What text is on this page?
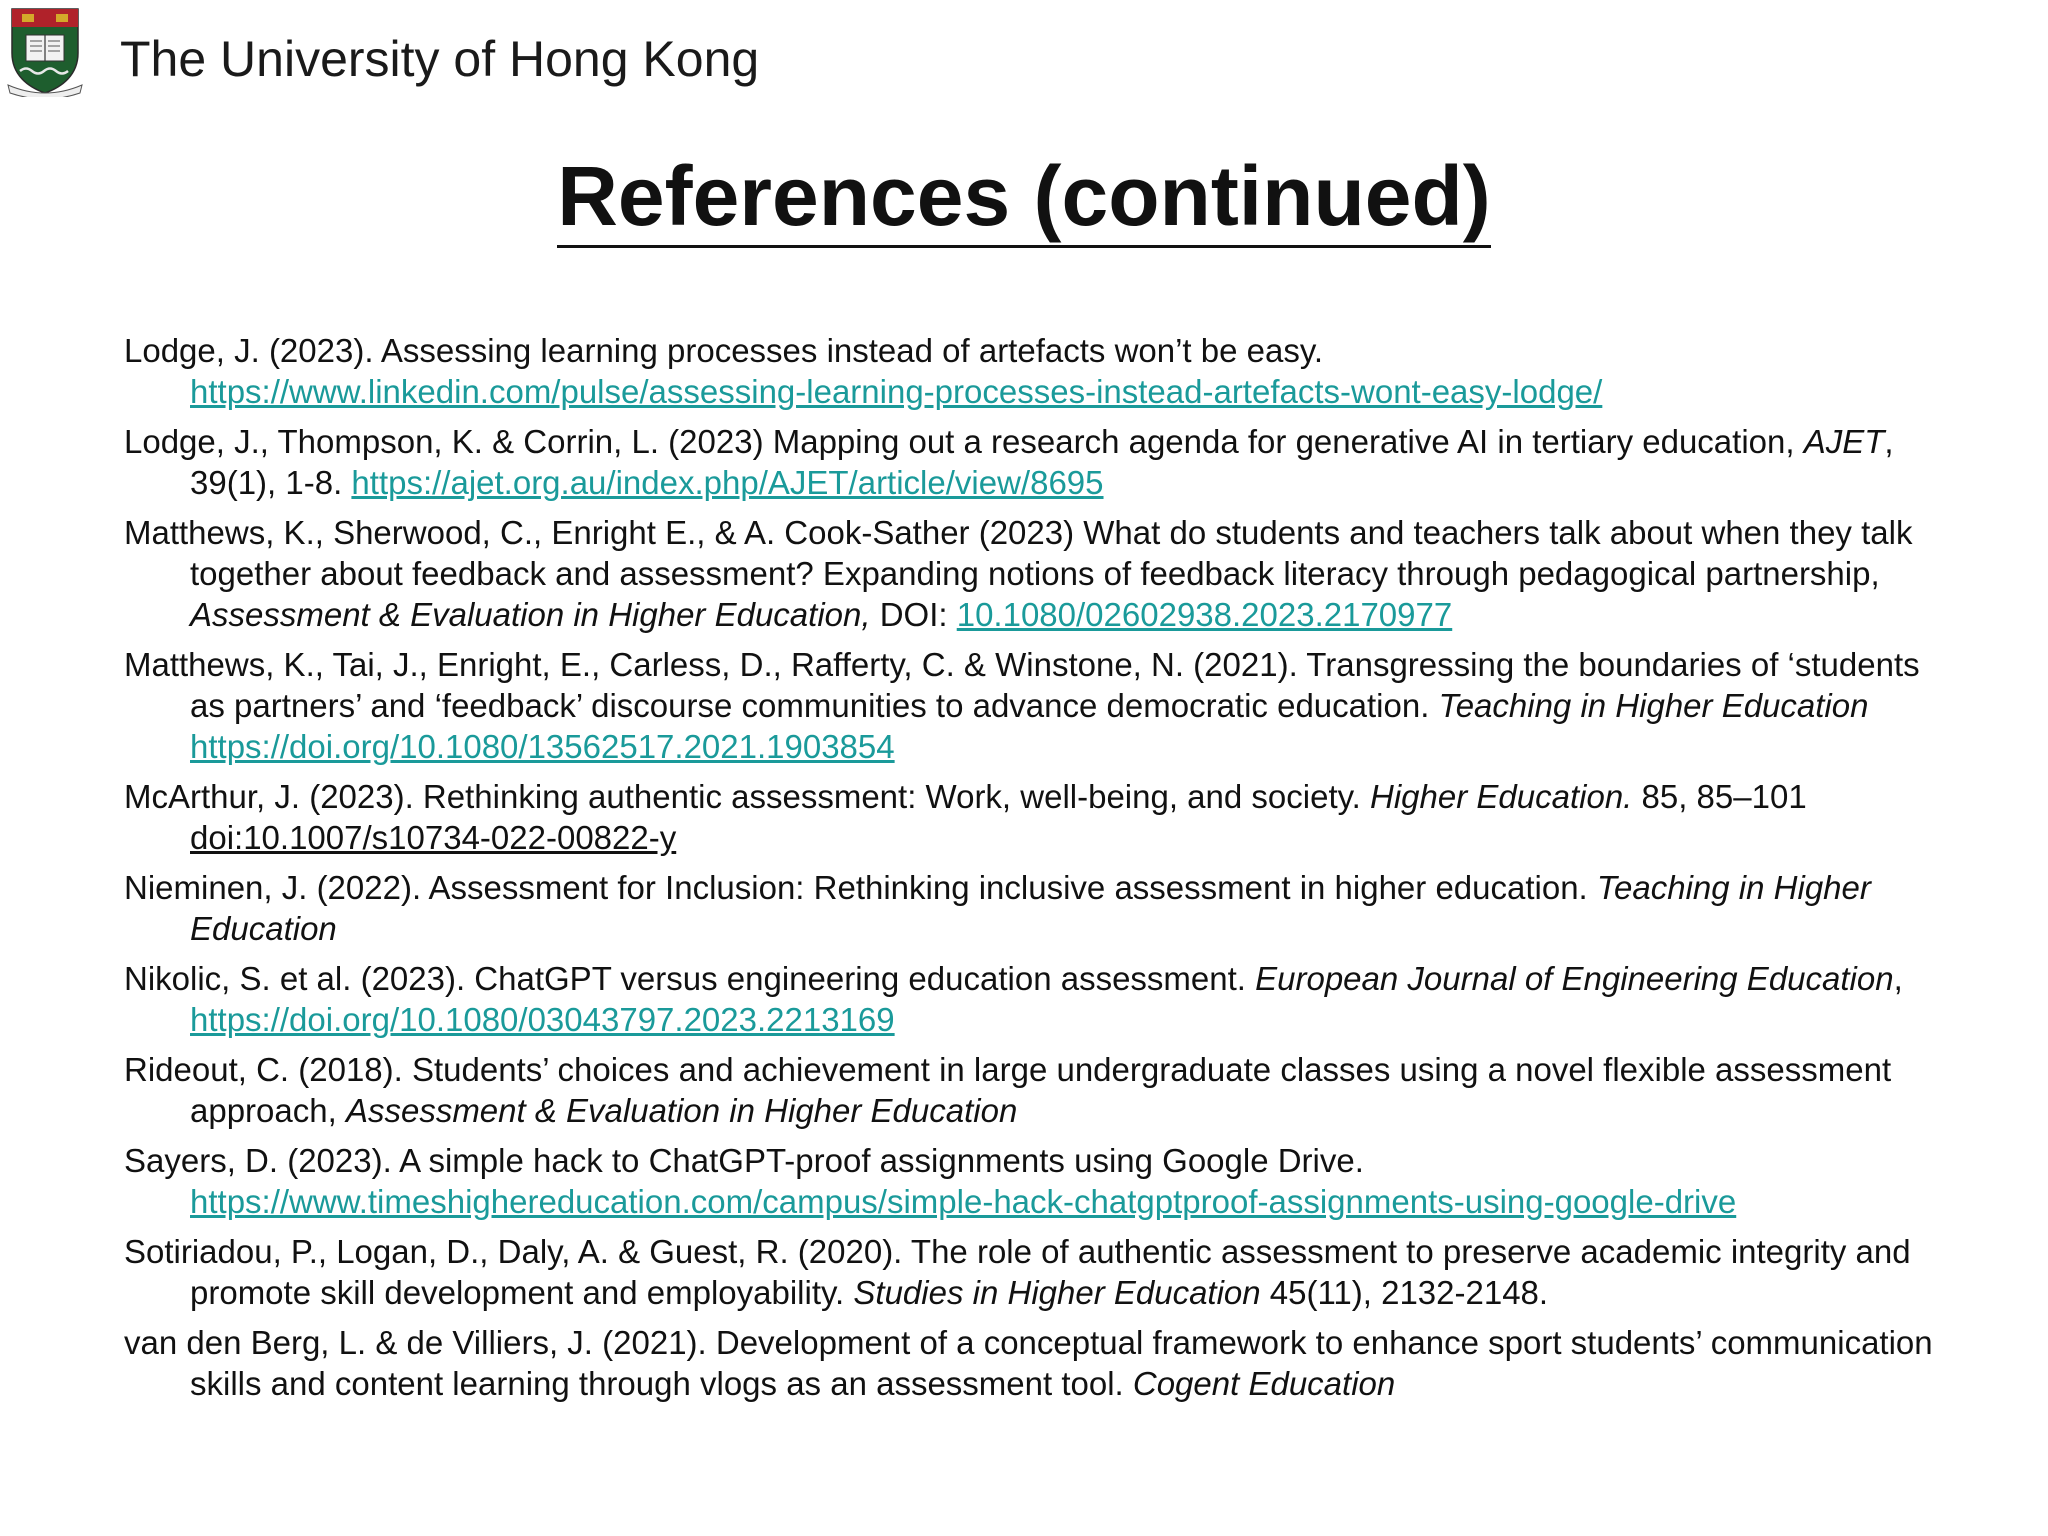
The University of Hong Kong
References (continued)

Lodge, J. (2023). Assessing learning processes instead of artefacts won’t be easy. https://www.linkedin.com/pulse/assessing-learning-processes-instead-artefacts-wont-easy-lodge/

Lodge, J., Thompson, K. & Corrin, L. (2023) Mapping out a research agenda for generative AI in tertiary education, AJET, 39(1), 1-8. https://ajet.org.au/index.php/AJET/article/view/8695

Matthews, K., Sherwood, C., Enright E., & A. Cook-Sather (2023) What do students and teachers talk about when they talk together about feedback and assessment? Expanding notions of feedback literacy through pedagogical partnership, Assessment & Evaluation in Higher Education, DOI: 10.1080/02602938.2023.2170977

Matthews, K., Tai, J., Enright, E., Carless, D., Rafferty, C. & Winstone, N. (2021). Transgressing the boundaries of ‘students as partners’ and ‘feedback’ discourse communities to advance democratic education. Teaching in Higher Education https://doi.org/10.1080/13562517.2021.1903854

McArthur, J. (2023). Rethinking authentic assessment: Work, well-being, and society. Higher Education. 85, 85–101 doi:10.1007/s10734-022-00822-y

Nieminen, J. (2022). Assessment for Inclusion: Rethinking inclusive assessment in higher education. Teaching in Higher Education

Nikolic, S. et al. (2023). ChatGPT versus engineering education assessment. European Journal of Engineering Education, https://doi.org/10.1080/03043797.2023.2213169

Rideout, C. (2018). Students’ choices and achievement in large undergraduate classes using a novel flexible assessment approach, Assessment & Evaluation in Higher Education

Sayers, D. (2023). A simple hack to ChatGPT-proof assignments using Google Drive. https://www.timeshighereducation.com/campus/simple-hack-chatgptproof-assignments-using-google-drive

Sotiriadou, P., Logan, D., Daly, A. & Guest, R. (2020). The role of authentic assessment to preserve academic integrity and promote skill development and employability. Studies in Higher Education 45(11), 2132-2148.

van den Berg, L. & de Villiers, J. (2021). Development of a conceptual framework to enhance sport students’ communication skills and content learning through vlogs as an assessment tool. Cogent Education
